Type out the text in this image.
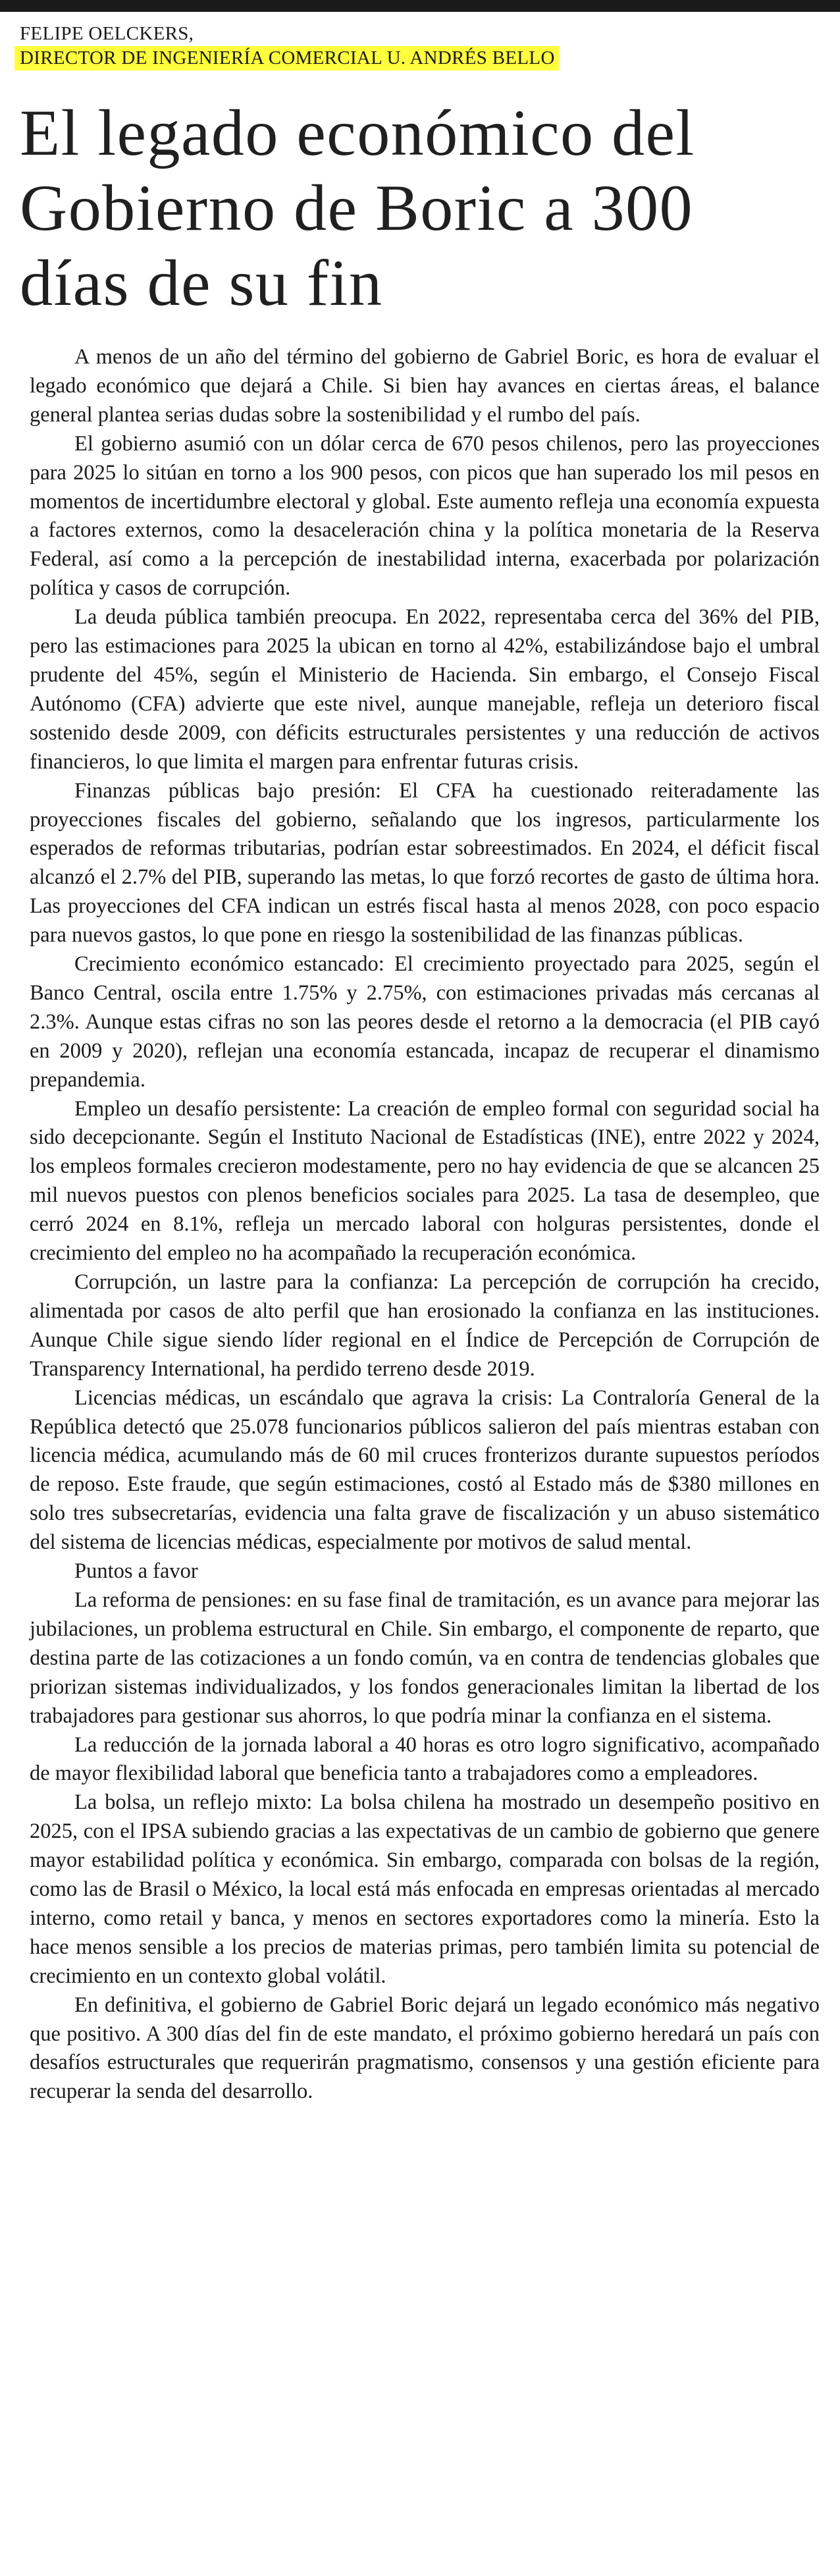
FELIPE OELCKERS,
DIRECTOR DE INGENIERÍA COMERCIAL U. ANDRÉS BELLO
El legado económico del Gobierno de Boric a 300 días de su fin

A menos de un año del término del gobierno de Gabriel Boric, es hora de evaluar el legado económico que dejará a Chile. Si bien hay avances en ciertas áreas, el balance general plantea serias dudas sobre la sostenibilidad y el rumbo del país.

El gobierno asumió con un dólar cerca de 670 pesos chilenos, pero las proyecciones para 2025 lo sitúan en torno a los 900 pesos, con picos que han superado los mil pesos en momentos de incertidumbre electoral y global. Este aumento refleja una economía expuesta a factores externos, como la desaceleración china y la política monetaria de la Reserva Federal, así como a la percepción de inestabilidad interna, exacerbada por polarización política y casos de corrupción.

La deuda pública también preocupa. En 2022, representaba cerca del 36% del PIB, pero las estimaciones para 2025 la ubican en torno al 42%, estabilizándose bajo el umbral prudente del 45%, según el Ministerio de Hacienda. Sin embargo, el Consejo Fiscal Autónomo (CFA) advierte que este nivel, aunque manejable, refleja un deterioro fiscal sostenido desde 2009, con déficits estructurales persistentes y una reducción de activos financieros, lo que limita el margen para enfrentar futuras crisis.

Finanzas públicas bajo presión: El CFA ha cuestionado reiteradamente las proyecciones fiscales del gobierno, señalando que los ingresos, particularmente los esperados de reformas tributarias, podrían estar sobreestimados. En 2024, el déficit fiscal alcanzó el 2.7% del PIB, superando las metas, lo que forzó recortes de gasto de última hora. Las proyecciones del CFA indican un estrés fiscal hasta al menos 2028, con poco espacio para nuevos gastos, lo que pone en riesgo la sostenibilidad de las finanzas públicas.

Crecimiento económico estancado: El crecimiento proyectado para 2025, según el Banco Central, oscila entre 1.75% y 2.75%, con estimaciones privadas más cercanas al 2.3%. Aunque estas cifras no son las peores desde el retorno a la democracia (el PIB cayó en 2009 y 2020), reflejan una economía estancada, incapaz de recuperar el dinamismo prepandemia.

Empleo un desafío persistente: La creación de empleo formal con seguridad social ha sido decepcionante. Según el Instituto Nacional de Estadísticas (INE), entre 2022 y 2024, los empleos formales crecieron modestamente, pero no hay evidencia de que se alcancen 25 mil nuevos puestos con plenos beneficios sociales para 2025. La tasa de desempleo, que cerró 2024 en 8.1%, refleja un mercado laboral con holguras persistentes, donde el crecimiento del empleo no ha acompañado la recuperación económica.

Corrupción, un lastre para la confianza: La percepción de corrupción ha crecido, alimentada por casos de alto perfil que han erosionado la confianza en las instituciones. Aunque Chile sigue siendo líder regional en el Índice de Percepción de Corrupción de Transparency International, ha perdido terreno desde 2019.

Licencias médicas, un escándalo que agrava la crisis: La Contraloría General de la República detectó que 25.078 funcionarios públicos salieron del país mientras estaban con licencia médica, acumulando más de 60 mil cruces fronterizos durante supuestos períodos de reposo. Este fraude, que según estimaciones, costó al Estado más de $380 millones en solo tres subsecretarías, evidencia una falta grave de fiscalización y un abuso sistemático del sistema de licencias médicas, especialmente por motivos de salud mental.

Puntos a favor

La reforma de pensiones: en su fase final de tramitación, es un avance para mejorar las jubilaciones, un problema estructural en Chile. Sin embargo, el componente de reparto, que destina parte de las cotizaciones a un fondo común, va en contra de tendencias globales que priorizan sistemas individualizados, y los fondos generacionales limitan la libertad de los trabajadores para gestionar sus ahorros, lo que podría minar la confianza en el sistema.

La reducción de la jornada laboral a 40 horas es otro logro significativo, acompañado de mayor flexibilidad laboral que beneficia tanto a trabajadores como a empleadores.

La bolsa, un reflejo mixto: La bolsa chilena ha mostrado un desempeño positivo en 2025, con el IPSA subiendo gracias a las expectativas de un cambio de gobierno que genere mayor estabilidad política y económica. Sin embargo, comparada con bolsas de la región, como las de Brasil o México, la local está más enfocada en empresas orientadas al mercado interno, como retail y banca, y menos en sectores exportadores como la minería. Esto la hace menos sensible a los precios de materias primas, pero también limita su potencial de crecimiento en un contexto global volátil.

En definitiva, el gobierno de Gabriel Boric dejará un legado económico más negativo que positivo. A 300 días del fin de este mandato, el próximo gobierno heredará un país con desafíos estructurales que requerirán pragmatismo, consensos y una gestión eficiente para recuperar la senda del desarrollo.
